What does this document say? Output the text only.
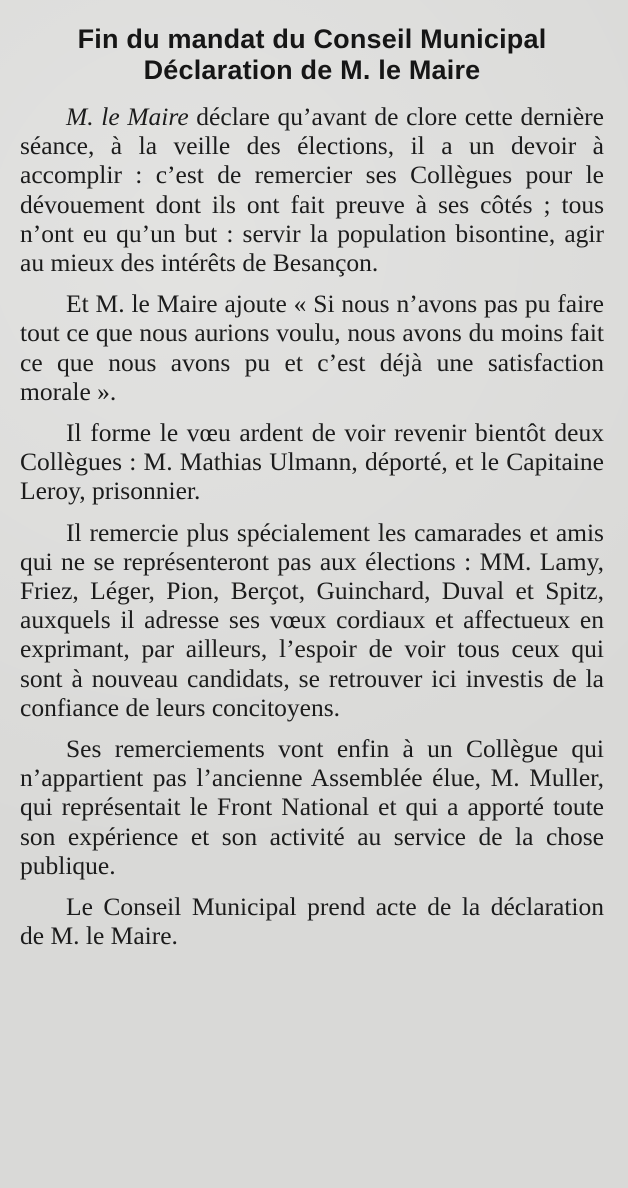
Fin du mandat du Conseil Municipal
Déclaration de M. le Maire

M. le Maire déclare qu’avant de clore cette dernière séance, à la veille des élections, il a un devoir à accomplir : c’est de remercier ses Collègues pour le dévouement dont ils ont fait preuve à ses côtés ; tous n’ont eu qu’un but : servir la population bisontine, agir au mieux des intérêts de Besançon.

Et M. le Maire ajoute « Si nous n’avons pas pu faire tout ce que nous aurions voulu, nous avons du moins fait ce que nous avons pu et c’est déjà une satisfaction morale ».

Il forme le vœu ardent de voir revenir bientôt deux Collègues : M. Mathias Ulmann, déporté, et le Capitaine Leroy, prisonnier.

Il remercie plus spécialement les camarades et amis qui ne se représenteront pas aux élections : MM. Lamy, Friez, Léger, Pion, Berçot, Guinchard, Duval et Spitz, auxquels il adresse ses vœux cordiaux et affectueux en exprimant, par ailleurs, l’espoir de voir tous ceux qui sont à nouveau candidats, se retrouver ici investis de la confiance de leurs concitoyens.

Ses remerciements vont enfin à un Collègue qui n’appartient pas l’ancienne Assemblée élue, M. Muller, qui représentait le Front National et qui a apporté toute son expérience et son activité au service de la chose publique.

Le Conseil Municipal prend acte de la déclaration de M. le Maire.
